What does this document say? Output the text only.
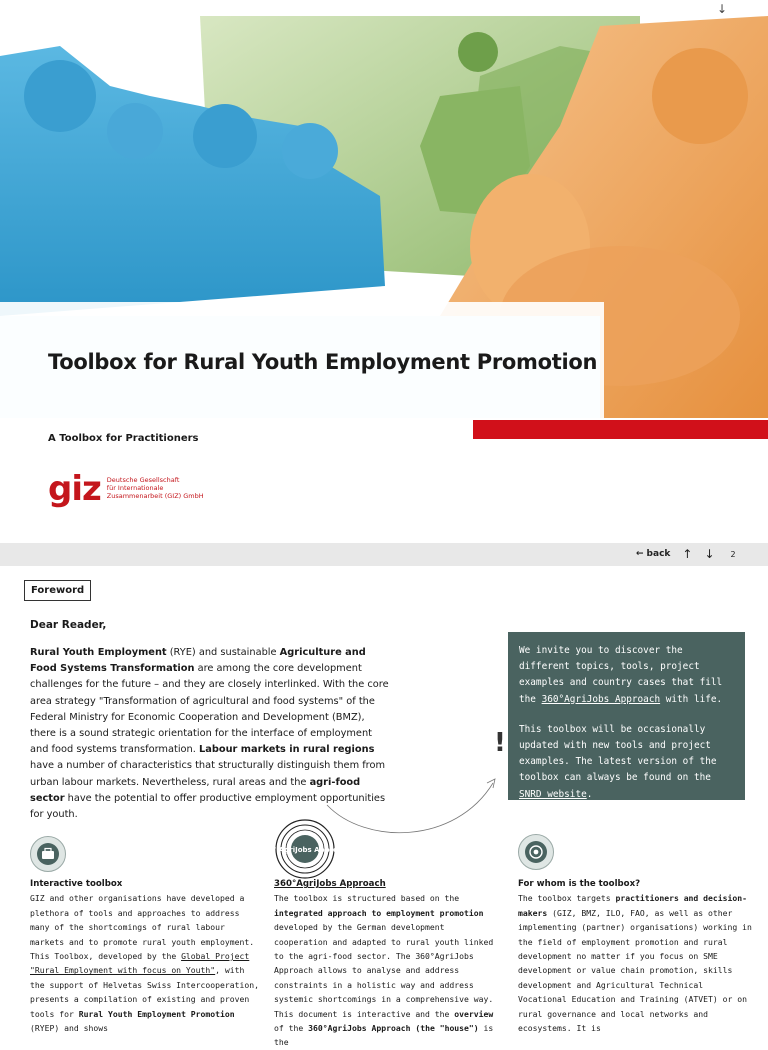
↓
Toolbox for Rural Youth Employment Promotion
A Toolbox for Practitioners
giz Deutsche Gesellschaft
für Internationale
Zusammenarbeit (GIZ) GmbH
← back ↑ ↓ 2
Foreword
Dear Reader,

Rural Youth Employment (RYE) and sustainable Agriculture and Food Systems Transformation are among the core development challenges for the future – and they are closely interlinked. With the core area strategy "Transformation of agricultural and food systems" of the Federal Ministry for Economic Cooperation and Development (BMZ), there is a sound strategic orientation for the interface of employment and food systems transformation. Labour markets in rural regions have a number of characteristics that structurally distinguish them from urban labour markets. Nevertheless, rural areas and the agri-food sector have the potential to offer productive employment opportunities for youth.

!
We invite you to discover the different topics, tools, project examples and country cases that fill the 360°AgriJobs Approach with life.
This toolbox will be occasionally updated with new tools and project examples. The latest version of the toolbox can always be found on the SNRD website.
360° AgriJobs Approach
Interactive toolbox
GIZ and other organisations have developed a plethora of tools and approaches to address many of the shortcomings of rural labour markets and to promote rural youth employment. This Toolbox, developed by the Global Project "Rural Employment with focus on Youth", with the support of Helvetas Swiss Intercooperation, presents a compilation of existing and proven tools for Rural Youth Employment Promotion (RYEP) and shows
360°AgriJobs Approach
The toolbox is structured based on the integrated approach to employment promotion developed by the German development cooperation and adapted to rural youth linked to the agri-food sector. The 360°AgriJobs Approach allows to analyse and address constraints in a holistic way and address systemic shortcomings in a comprehensive way. This document is interactive and the overview of the 360°AgriJobs Approach (the "house") is the
For whom is the toolbox?
The toolbox targets practitioners and decision-makers (GIZ, BMZ, ILO, FAO, as well as other implementing (partner) organisations) working in the field of employment promotion and rural development no matter if you focus on SME development or value chain promotion, skills development and Agricultural Technical Vocational Education and Training (ATVET) or on rural governance and local networks and ecosystems. It is
